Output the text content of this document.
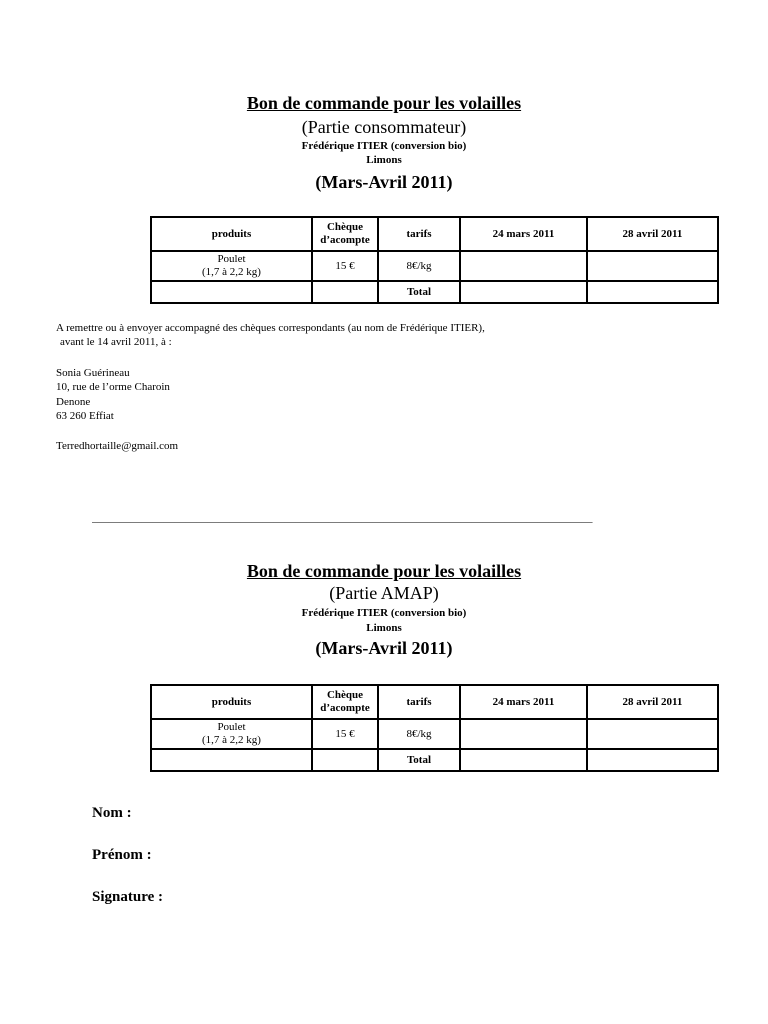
Bon de commande pour les volailles
(Partie consommateur)
Frédérique ITIER (conversion bio)
Limons
(Mars-Avril 2011)
produits	Chèque d’acompte	tarifs	24 mars 2011	28 avril 2011

Poulet
(1,7 à 2,2 kg)	15 €	8€/kg		
		Total		
A remettre ou à envoyer accompagné des chèques correspondants (au nom de Frédérique ITIER),
avant le 14 avril 2011, à :
Sonia Guérineau
10, rue de l’orme Charoin
Denone
63 260 Effiat
Terredhortaille@gmail.com
___________________________________________________________________________________________
Bon de commande pour les volailles
(Partie AMAP)
Frédérique ITIER (conversion bio)
Limons
(Mars-Avril 2011)
produits	Chèque d’acompte	tarifs	24 mars 2011	28 avril 2011

Poulet
(1,7 à 2,2 kg)	15 €	8€/kg		
		Total		
Nom :
Prénom :
Signature :
